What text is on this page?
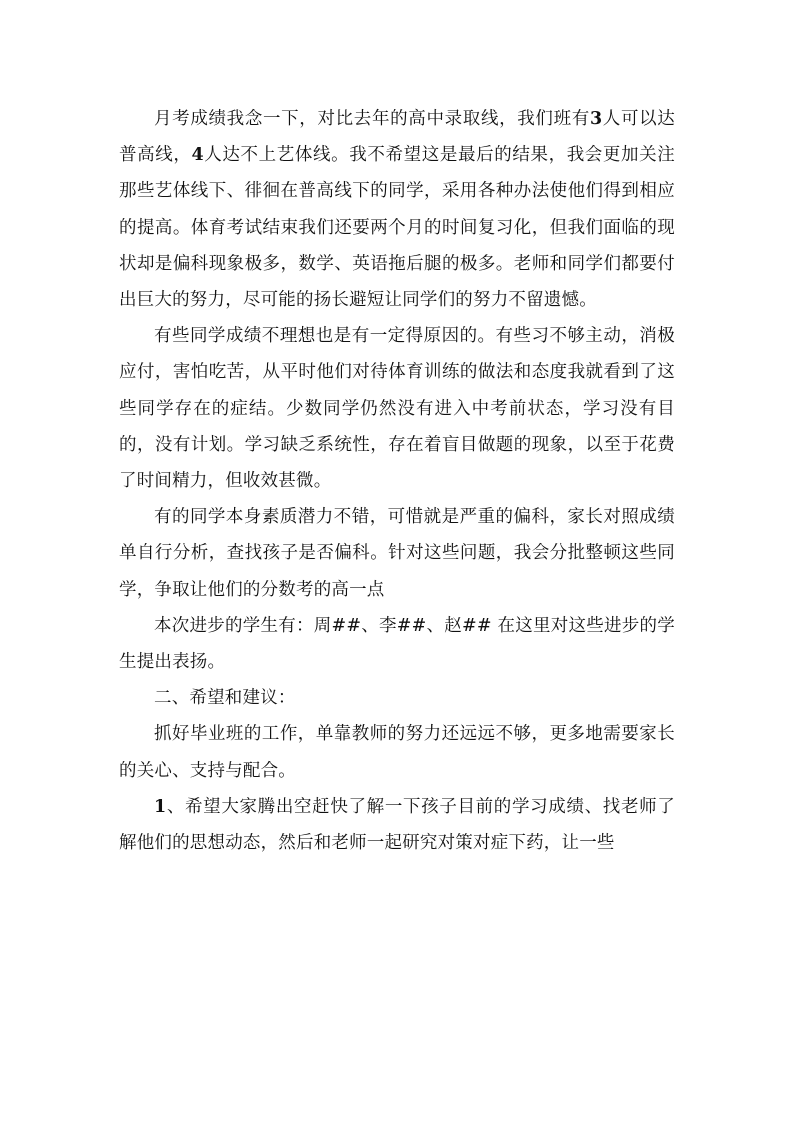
月考成绩我念一下，对比去年的高中录取线，我们班有3人可以达普高线，4人达不上艺体线。我不希望这是最后的结果，我会更加关注那些艺体线下、徘徊在普高线下的同学，采用各种办法使他们得到相应的提高。体育考试结束我们还要两个月的时间复习化，但我们面临的现状却是偏科现象极多，数学、英语拖后腿的极多。老师和同学们都要付出巨大的努力，尽可能的扬长避短让同学们的努力不留遗憾。

有些同学成绩不理想也是有一定得原因的。有些习不够主动，消极应付，害怕吃苦，从平时他们对待体育训练的做法和态度我就看到了这些同学存在的症结。少数同学仍然没有进入中考前状态，学习没有目的，没有计划。学习缺乏系统性，存在着盲目做题的现象，以至于花费了时间精力，但收效甚微。

有的同学本身素质潜力不错，可惜就是严重的偏科，家长对照成绩单自行分析，查找孩子是否偏科。针对这些问题，我会分批整顿这些同学，争取让他们的分数考的高一点

本次进步的学生有：周##、李##、赵## 在这里对这些进步的学生提出表扬。

二、希望和建议：

抓好毕业班的工作，单靠教师的努力还远远不够，更多地需要家长的关心、支持与配合。

1、希望大家腾出空赶快了解一下孩子目前的学习成绩、找老师了解他们的思想动态，然后和老师一起研究对策对症下药，让一些
